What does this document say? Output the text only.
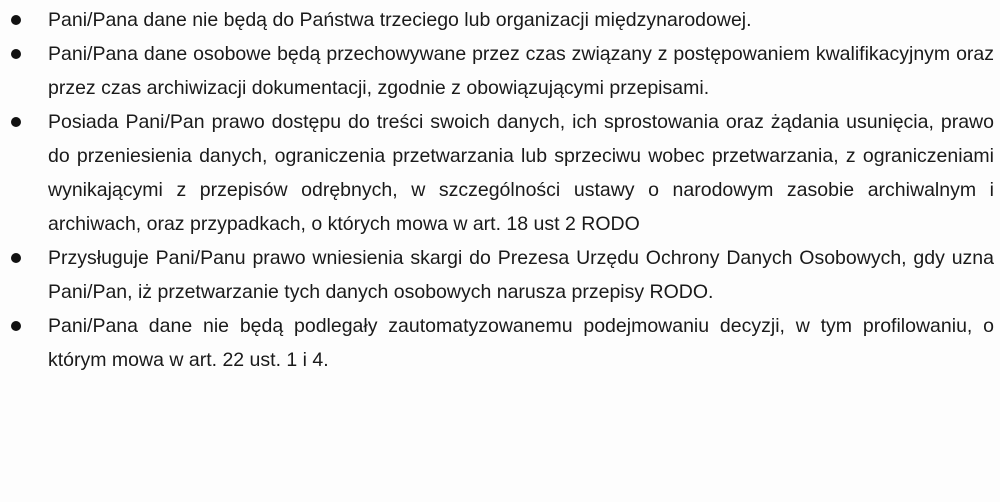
Pani/Pana dane nie będą do Państwa trzeciego lub organizacji międzynarodowej.
Pani/Pana dane osobowe będą przechowywane przez czas związany z postępowaniem kwalifikacyjnym oraz przez czas archiwizacji dokumentacji, zgodnie z obowiązującymi przepisami.
Posiada Pani/Pan prawo dostępu do treści swoich danych, ich sprostowania oraz żądania usunięcia, prawo do przeniesienia danych, ograniczenia przetwarzania lub sprzeciwu wobec przetwarzania, z ograniczeniami wynikającymi z przepisów odrębnych, w szczególności ustawy o narodowym zasobie archiwalnym i archiwach, oraz przypadkach, o których mowa w art. 18 ust 2 RODO
Przysługuje Pani/Panu prawo wniesienia skargi do Prezesa Urzędu Ochrony Danych Osobowych, gdy uzna Pani/Pan, iż przetwarzanie tych danych osobowych narusza przepisy RODO.
Pani/Pana dane nie będą podlegały zautomatyzowanemu podejmowaniu decyzji, w tym profilowaniu, o którym mowa w art. 22 ust. 1 i 4.
